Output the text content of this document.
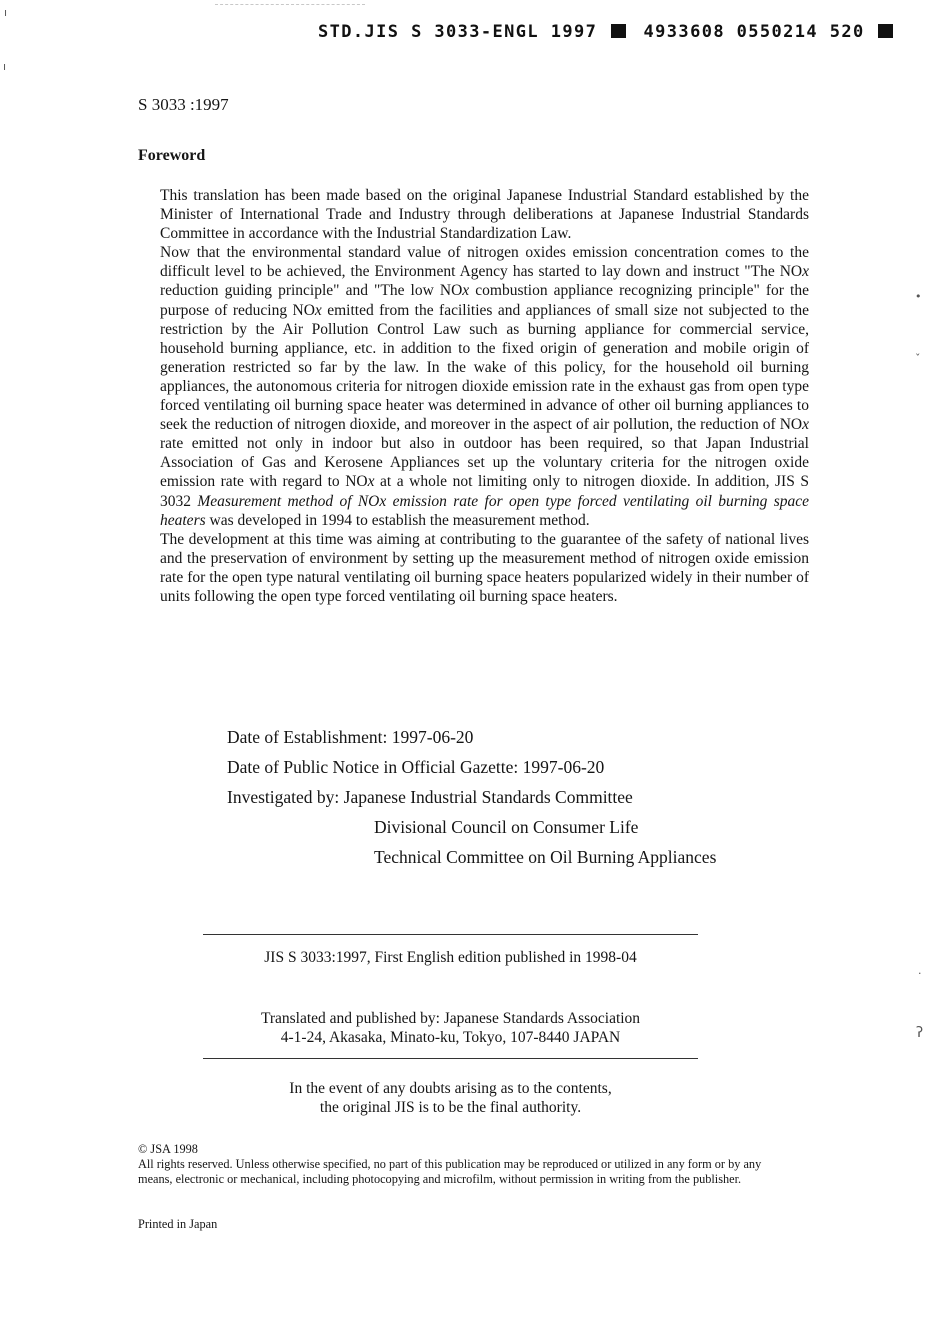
STD.JIS S 3033-ENGL 1997	4933608 0550214 520
S 3033 :1997
Foreword

This translation has been made based on the original Japanese Industrial Standard established by the Minister of International Trade and Industry through deliberations at Japanese Industrial Standards Committee in accordance with the Industrial Standardization Law.

Now that the environmental standard value of nitrogen oxides emission concentration comes to the difficult level to be achieved, the Environment Agency has started to lay down and instruct "The NOx reduction guiding principle" and "The low NOx combustion appliance recognizing principle" for the purpose of reducing NOx emitted from the facilities and appliances of small size not subjected to the restriction by the Air Pollution Control Law such as burning appliance for commercial service, household burning appliance, etc. in addition to the fixed origin of generation and mobile origin of generation restricted so far by the law. In the wake of this policy, for the household oil burning appliances, the autonomous criteria for nitrogen dioxide emission rate in the exhaust gas from open type forced ventilating oil burning space heater was determined in advance of other oil burning appliances to seek the reduction of nitrogen dioxide, and moreover in the aspect of air pollution, the reduction of NOx rate emitted not only in indoor but also in outdoor has been required, so that Japan Industrial Association of Gas and Kerosene Appliances set up the voluntary criteria for the nitrogen oxide emission rate with regard to NOx at a whole not limiting only to nitrogen dioxide. In addition, JIS S 3032 Measurement method of NOx emission rate for open type forced ventilating oil burning space heaters was developed in 1994 to establish the measurement method.

The development at this time was aiming at contributing to the guarantee of the safety of national lives and the preservation of environment by setting up the measurement method of nitrogen oxide emission rate for the open type natural ventilating oil burning space heaters popularized widely in their number of units following the open type forced ventilating oil burning space heaters.

Date of Establishment:
1997-06-20
Date of Public Notice in Official Gazette:
1997-06-20
Investigated by:
Japanese Industrial Standards Committee
Divisional Council on Consumer Life
Technical Committee on Oil Burning Appliances
JIS S 3033:1997, First English edition published in 1998-04
Translated and published by: Japanese Standards Association
4-1-24, Akasaka, Minato-ku, Tokyo, 107-8440 JAPAN
In the event of any doubts arising as to the contents,
the original JIS is to be the final authority.
© JSA 1998
All rights reserved. Unless otherwise specified, no part of this publication may be reproduced or utilized in any form or by any means, electronic or mechanical, including photocopying and microfilm, without permission in writing from the publisher.
Printed in Japan
•
ˇ
·
ʔ
ı
ı
